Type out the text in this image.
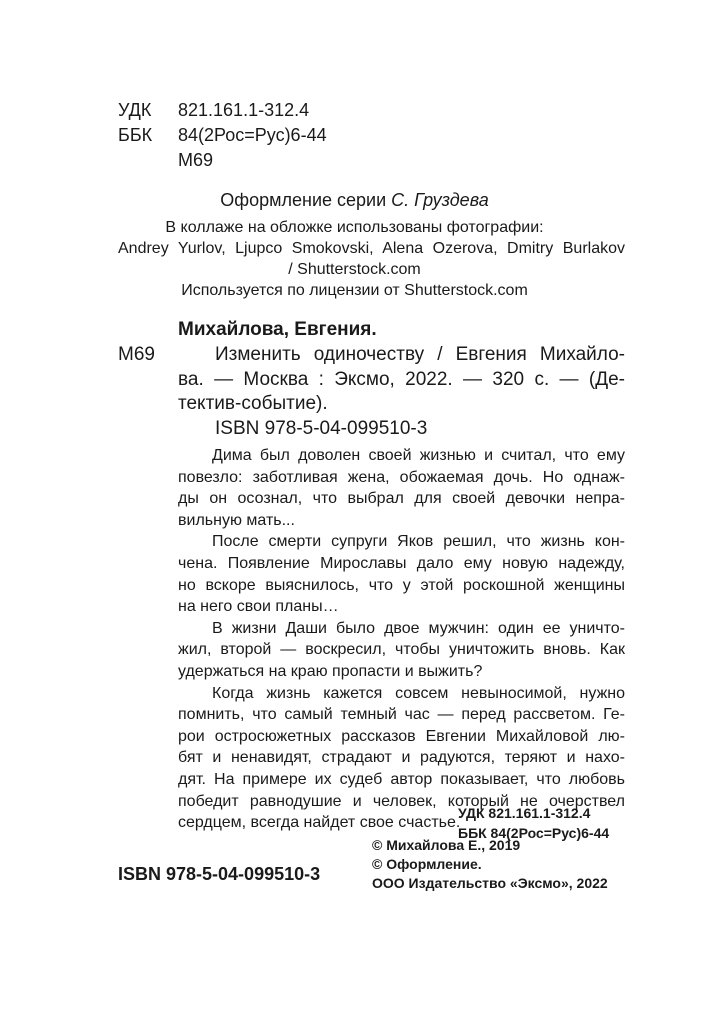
УДК 821.161.1-312.4
ББК 84(2Рос=Рус)6-44
М69
Оформление серии С. Груздева
В коллаже на обложке использованы фотографии:
Andrey Yurlov, Ljupco Smokovski, Alena Ozerova, Dmitry Burlakov
/ Shutterstock.com
Используется по лицензии от Shutterstock.com
Михайлова, Евгения.
М69	Изменить одиночеству / Евгения Михайло-
ва. — Москва : Эксмо, 2022. — 320 с. — (Де-
тектив-событие).
ISBN 978-5-04-099510-3
Дима был доволен своей жизнью и считал, что ему
повезло: заботливая жена, обожаемая дочь. Но однаж-
ды он осознал, что выбрал для своей девочки непра-
вильную мать...
После смерти супруги Яков решил, что жизнь кон-
чена. Появление Мирославы дало ему новую надежду,
но вскоре выяснилось, что у этой роскошной женщины
на него свои планы…
В жизни Даши было двое мужчин: один ее уничто-
жил, второй — воскресил, чтобы уничтожить вновь. Как
удержаться на краю пропасти и выжить?
Когда жизнь кажется совсем невыносимой, нужно
помнить, что самый темный час — перед рассветом. Ге-
рои остросюжетных рассказов Евгении Михайловой лю-
бят и ненавидят, страдают и радуются, теряют и нахо-
дят. На примере их судеб автор показывает, что любовь
победит равнодушие и человек, который не очерствел
сердцем, всегда найдет свое счастье.
УДК 821.161.1-312.4
ББК 84(2Рос=Рус)6-44
ISBN 978-5-04-099510-3
© Михайлова Е., 2019
© Оформление.
ООО Издательство «Эксмо», 2022
